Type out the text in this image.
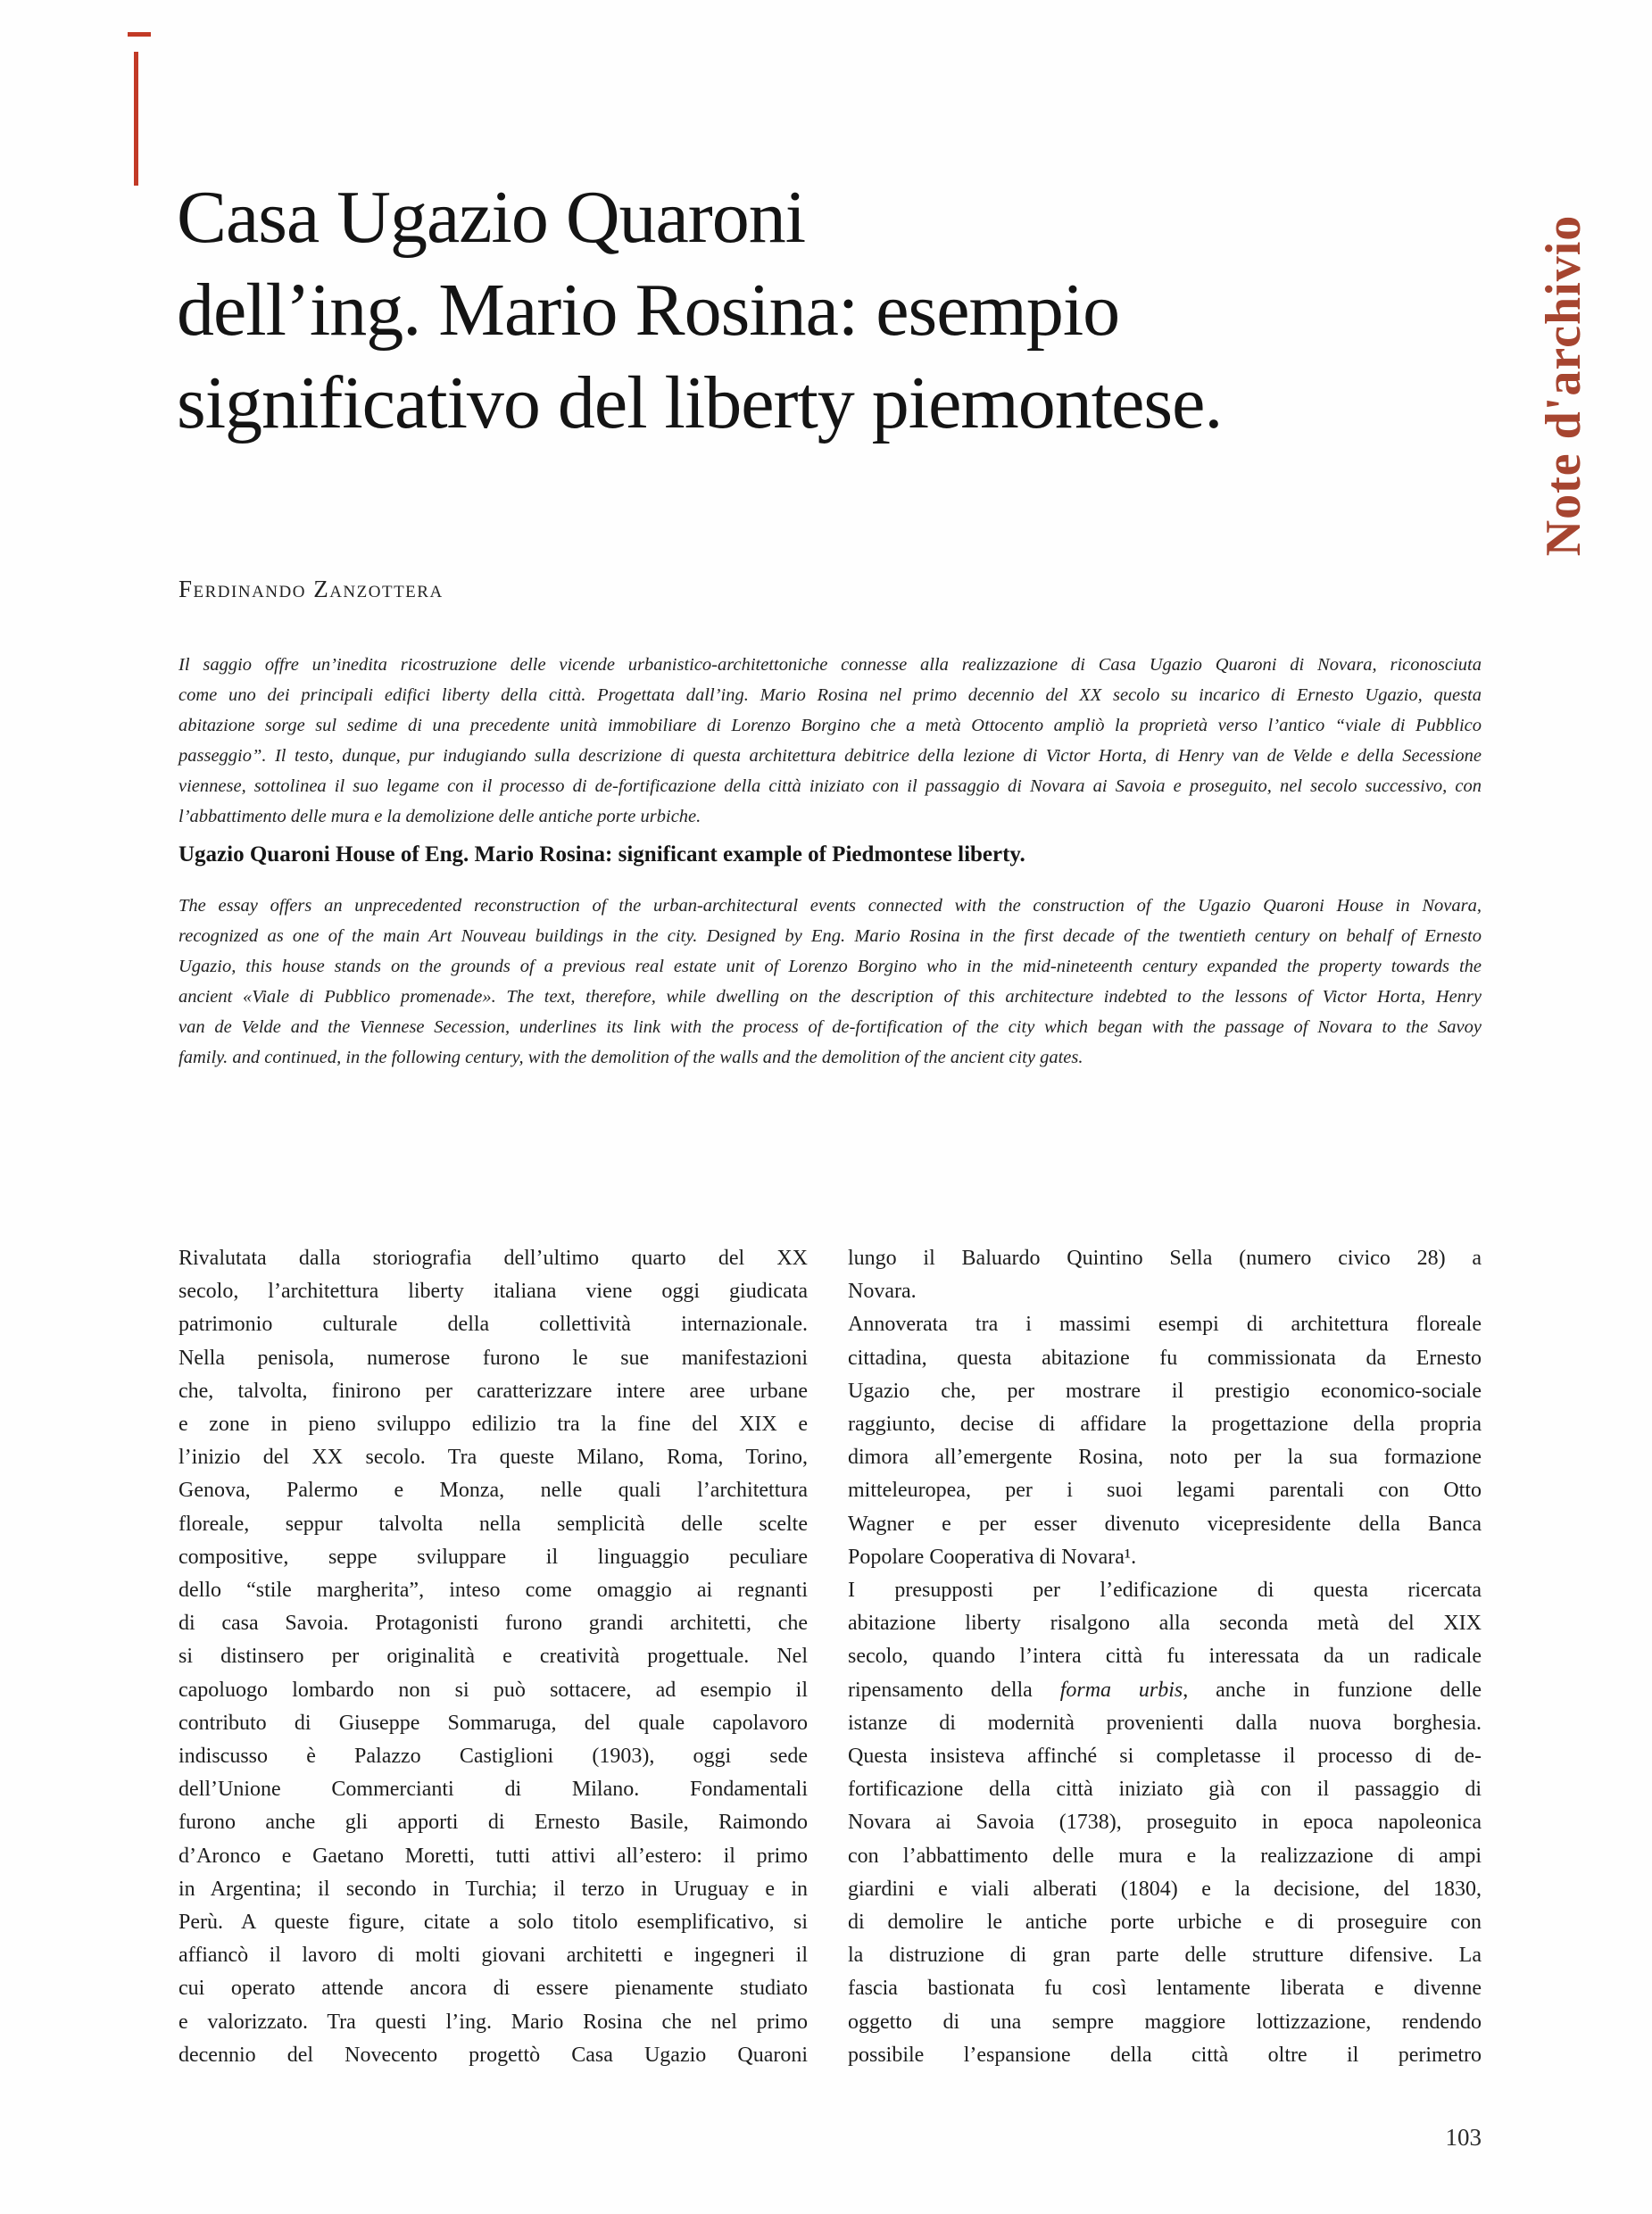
Casa Ugazio Quaroni
dell’ing. Mario Rosina: esempio
significativo del liberty piemontese.	Note d'archivio
Ferdinando Zanzottera
Il saggio offre un’inedita ricostruzione delle vicende urbanistico-architettoniche connesse alla realizzazione di Casa Ugazio Quaroni di Novara, riconosciuta
come uno dei principali edifici liberty della città. Progettata dall’ing. Mario Rosina nel primo decennio del XX secolo su incarico di Ernesto Ugazio, questa
abitazione sorge sul sedime di una precedente unità immobiliare di Lorenzo Borgino che a metà Ottocento ampliò la proprietà verso l’antico “viale di Pubblico
passeggio”. Il testo, dunque, pur indugiando sulla descrizione di questa architettura debitrice della lezione di Victor Horta, di Henry van de Velde e della Secessione
viennese, sottolinea il suo legame con il processo di de-fortificazione della città iniziato con il passaggio di Novara ai Savoia e proseguito, nel secolo successivo, con
l’abbattimento delle mura e la demolizione delle antiche porte urbiche.
Ugazio Quaroni House of Eng. Mario Rosina: significant example of Piedmontese liberty.
The essay offers an unprecedented reconstruction of the urban-architectural events connected with the construction of the Ugazio Quaroni House in Novara,
recognized as one of the main Art Nouveau buildings in the city. Designed by Eng. Mario Rosina in the first decade of the twentieth century on behalf of Ernesto
Ugazio, this house stands on the grounds of a previous real estate unit of Lorenzo Borgino who in the mid-nineteenth century expanded the property towards the
ancient «Viale di Pubblico promenade». The text, therefore, while dwelling on the description of this architecture indebted to the lessons of Victor Horta, Henry
van de Velde and the Viennese Secession, underlines its link with the process of de-fortification of the city which began with the passage of Novara to the Savoy
family. and continued, in the following century, with the demolition of the walls and the demolition of the ancient city gates.
Rivalutata dalla storiografia dell’ultimo quarto del XX
secolo, l’architettura liberty italiana viene oggi giudicata
patrimonio culturale della collettività internazionale.
Nella penisola, numerose furono le sue manifestazioni
che, talvolta, finirono per caratterizzare intere aree urbane
e zone in pieno sviluppo edilizio tra la fine del XIX e
l’inizio del XX secolo. Tra queste Milano, Roma, Torino,
Genova, Palermo e Monza, nelle quali l’architettura
floreale, seppur talvolta nella semplicità delle scelte
compositive, seppe sviluppare il linguaggio peculiare
dello “stile margherita”, inteso come omaggio ai regnanti
di casa Savoia. Protagonisti furono grandi architetti, che
si distinsero per originalità e creatività progettuale. Nel
capoluogo lombardo non si può sottacere, ad esempio il
contributo di Giuseppe Sommaruga, del quale capolavoro
indiscusso è Palazzo Castiglioni (1903), oggi sede
dell’Unione Commercianti di Milano. Fondamentali
furono anche gli apporti di Ernesto Basile, Raimondo
d’Aronco e Gaetano Moretti, tutti attivi all’estero: il primo
in Argentina; il secondo in Turchia; il terzo in Uruguay e in
Perù. A queste figure, citate a solo titolo esemplificativo, si
affiancò il lavoro di molti giovani architetti e ingegneri il
cui operato attende ancora di essere pienamente studiato
e valorizzato. Tra questi l’ing. Mario Rosina che nel primo
decennio del Novecento progettò Casa Ugazio Quaroni
lungo il Baluardo Quintino Sella (numero civico 28) a
Novara.
Annoverata tra i massimi esempi di architettura floreale
cittadina, questa abitazione fu commissionata da Ernesto
Ugazio che, per mostrare il prestigio economico-sociale
raggiunto, decise di affidare la progettazione della propria
dimora all’emergente Rosina, noto per la sua formazione
mitteleuropea, per i suoi legami parentali con Otto
Wagner e per esser divenuto vicepresidente della Banca
Popolare Cooperativa di Novara¹.
I presupposti per l’edificazione di questa ricercata
abitazione liberty risalgono alla seconda metà del XIX
secolo, quando l’intera città fu interessata da un radicale
ripensamento della forma urbis, anche in funzione delle
istanze di modernità provenienti dalla nuova borghesia.
Questa insisteva affinché si completasse il processo di de-
fortificazione della città iniziato già con il passaggio di
Novara ai Savoia (1738), proseguito in epoca napoleonica
con l’abbattimento delle mura e la realizzazione di ampi
giardini e viali alberati (1804) e la decisione, del 1830,
di demolire le antiche porte urbiche e di proseguire con
la distruzione di gran parte delle strutture difensive. La
fascia bastionata fu così lentamente liberata e divenne
oggetto di una sempre maggiore lottizzazione, rendendo
possibile l’espansione della città oltre il perimetro
103
